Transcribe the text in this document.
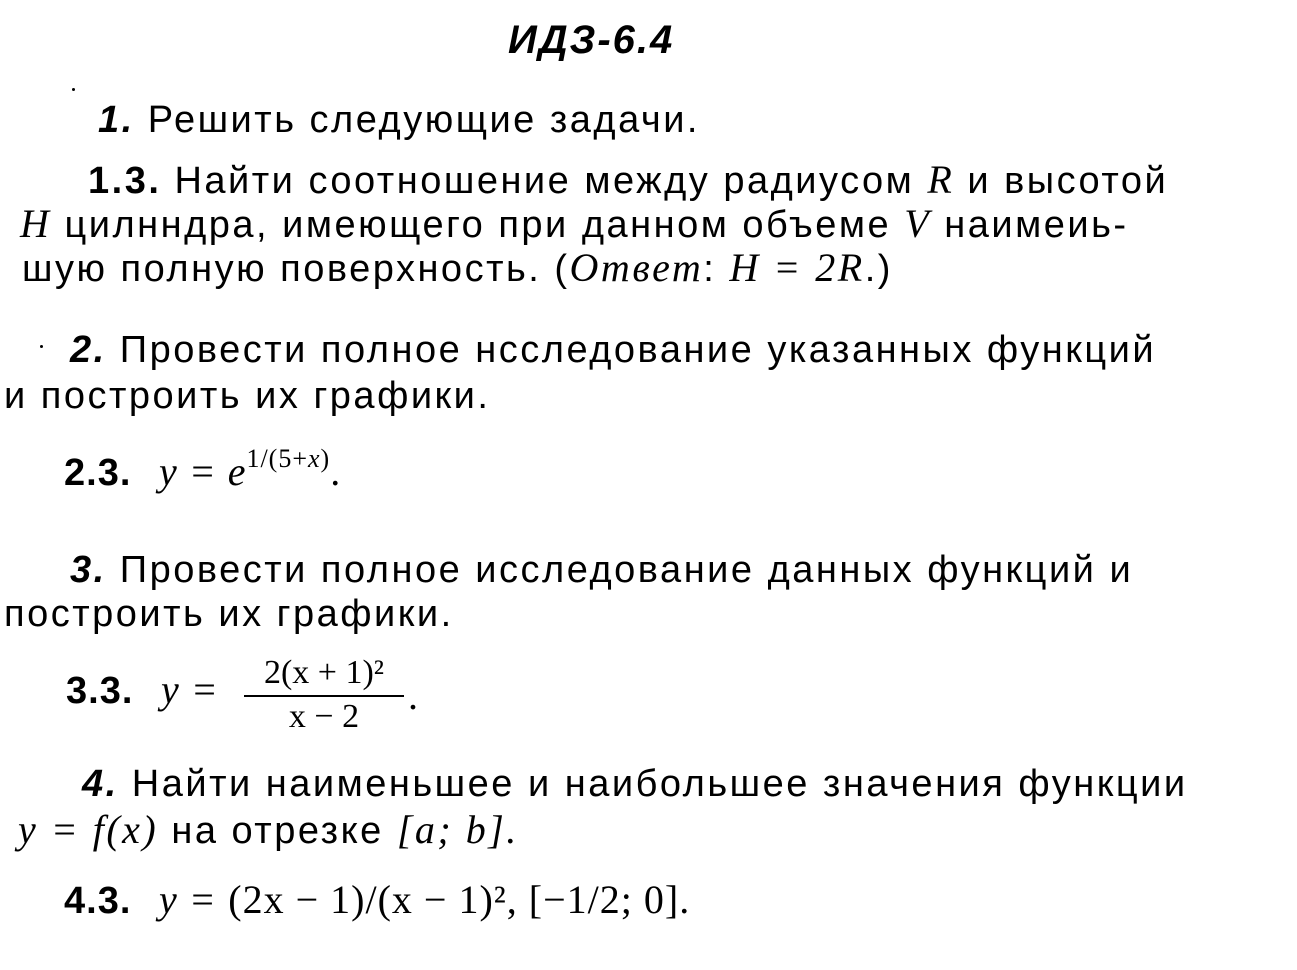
ИДЗ-6.4
1. Решить следующие задачи.
1.3. Найти соотношение между радиусом R и высотой
H цилнндра, имеющего при данном объеме V наимеиь-
шую полную поверхность. (Ответ: H = 2R.)
2. Провести полное нсследование указанных функций
и построить их графики.
2.3. $y = e^{1/(5+x)}$.
3. Провести полное исследование данных функций и
построить их графики.
3.3. y =	2(x + 1)²
x − 2	.
4. Найти наименьшее и наибольшее значения функции
y = f(x) на отрезке [a; b].
4.3. y = (2x − 1)/(x − 1)², [−1/2; 0].
